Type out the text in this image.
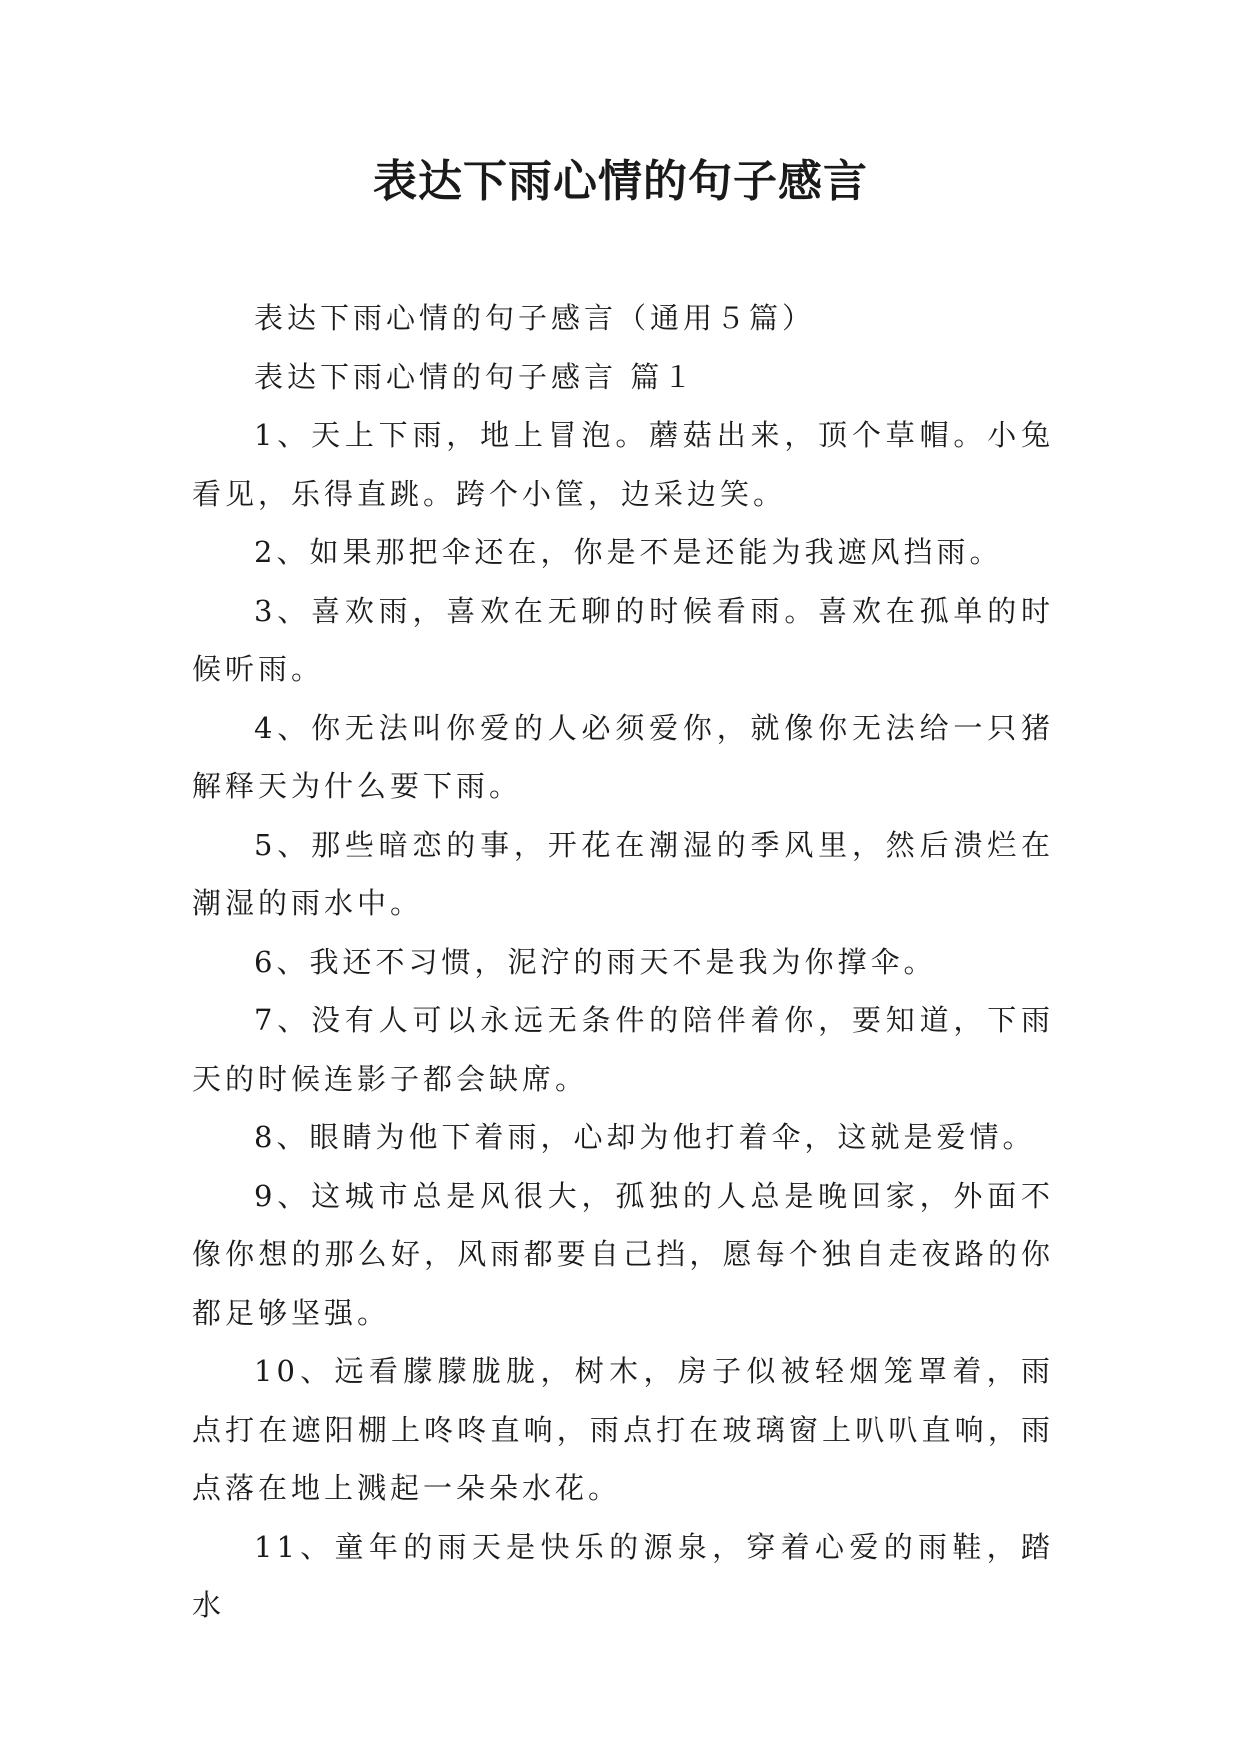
表达下雨心情的句子感言

表达下雨心情的句子感言（通用５篇）

表达下雨心情的句子感言 篇１

1、天上下雨，地上冒泡。蘑菇出来，顶个草帽。小兔看见，乐得直跳。跨个小筐，边采边笑。

2、如果那把伞还在，你是不是还能为我遮风挡雨。

3、喜欢雨，喜欢在无聊的时候看雨。喜欢在孤单的时候听雨。

4、你无法叫你爱的人必须爱你，就像你无法给一只猪解释天为什么要下雨。

5、那些暗恋的事，开花在潮湿的季风里，然后溃烂在潮湿的雨水中。

6、我还不习惯，泥泞的雨天不是我为你撑伞。

7、没有人可以永远无条件的陪伴着你，要知道，下雨天的时候连影子都会缺席。

8、眼睛为他下着雨，心却为他打着伞，这就是爱情。

9、这城市总是风很大，孤独的人总是晚回家，外面不像你想的那么好，风雨都要自己挡，愿每个独自走夜路的你都足够坚强。

10、远看朦朦胧胧，树木，房子似被轻烟笼罩着，雨点打在遮阳棚上咚咚直响，雨点打在玻璃窗上叭叭直响，雨点落在地上溅起一朵朵水花。

11、童年的雨天是快乐的源泉，穿着心爱的雨鞋，踏水
